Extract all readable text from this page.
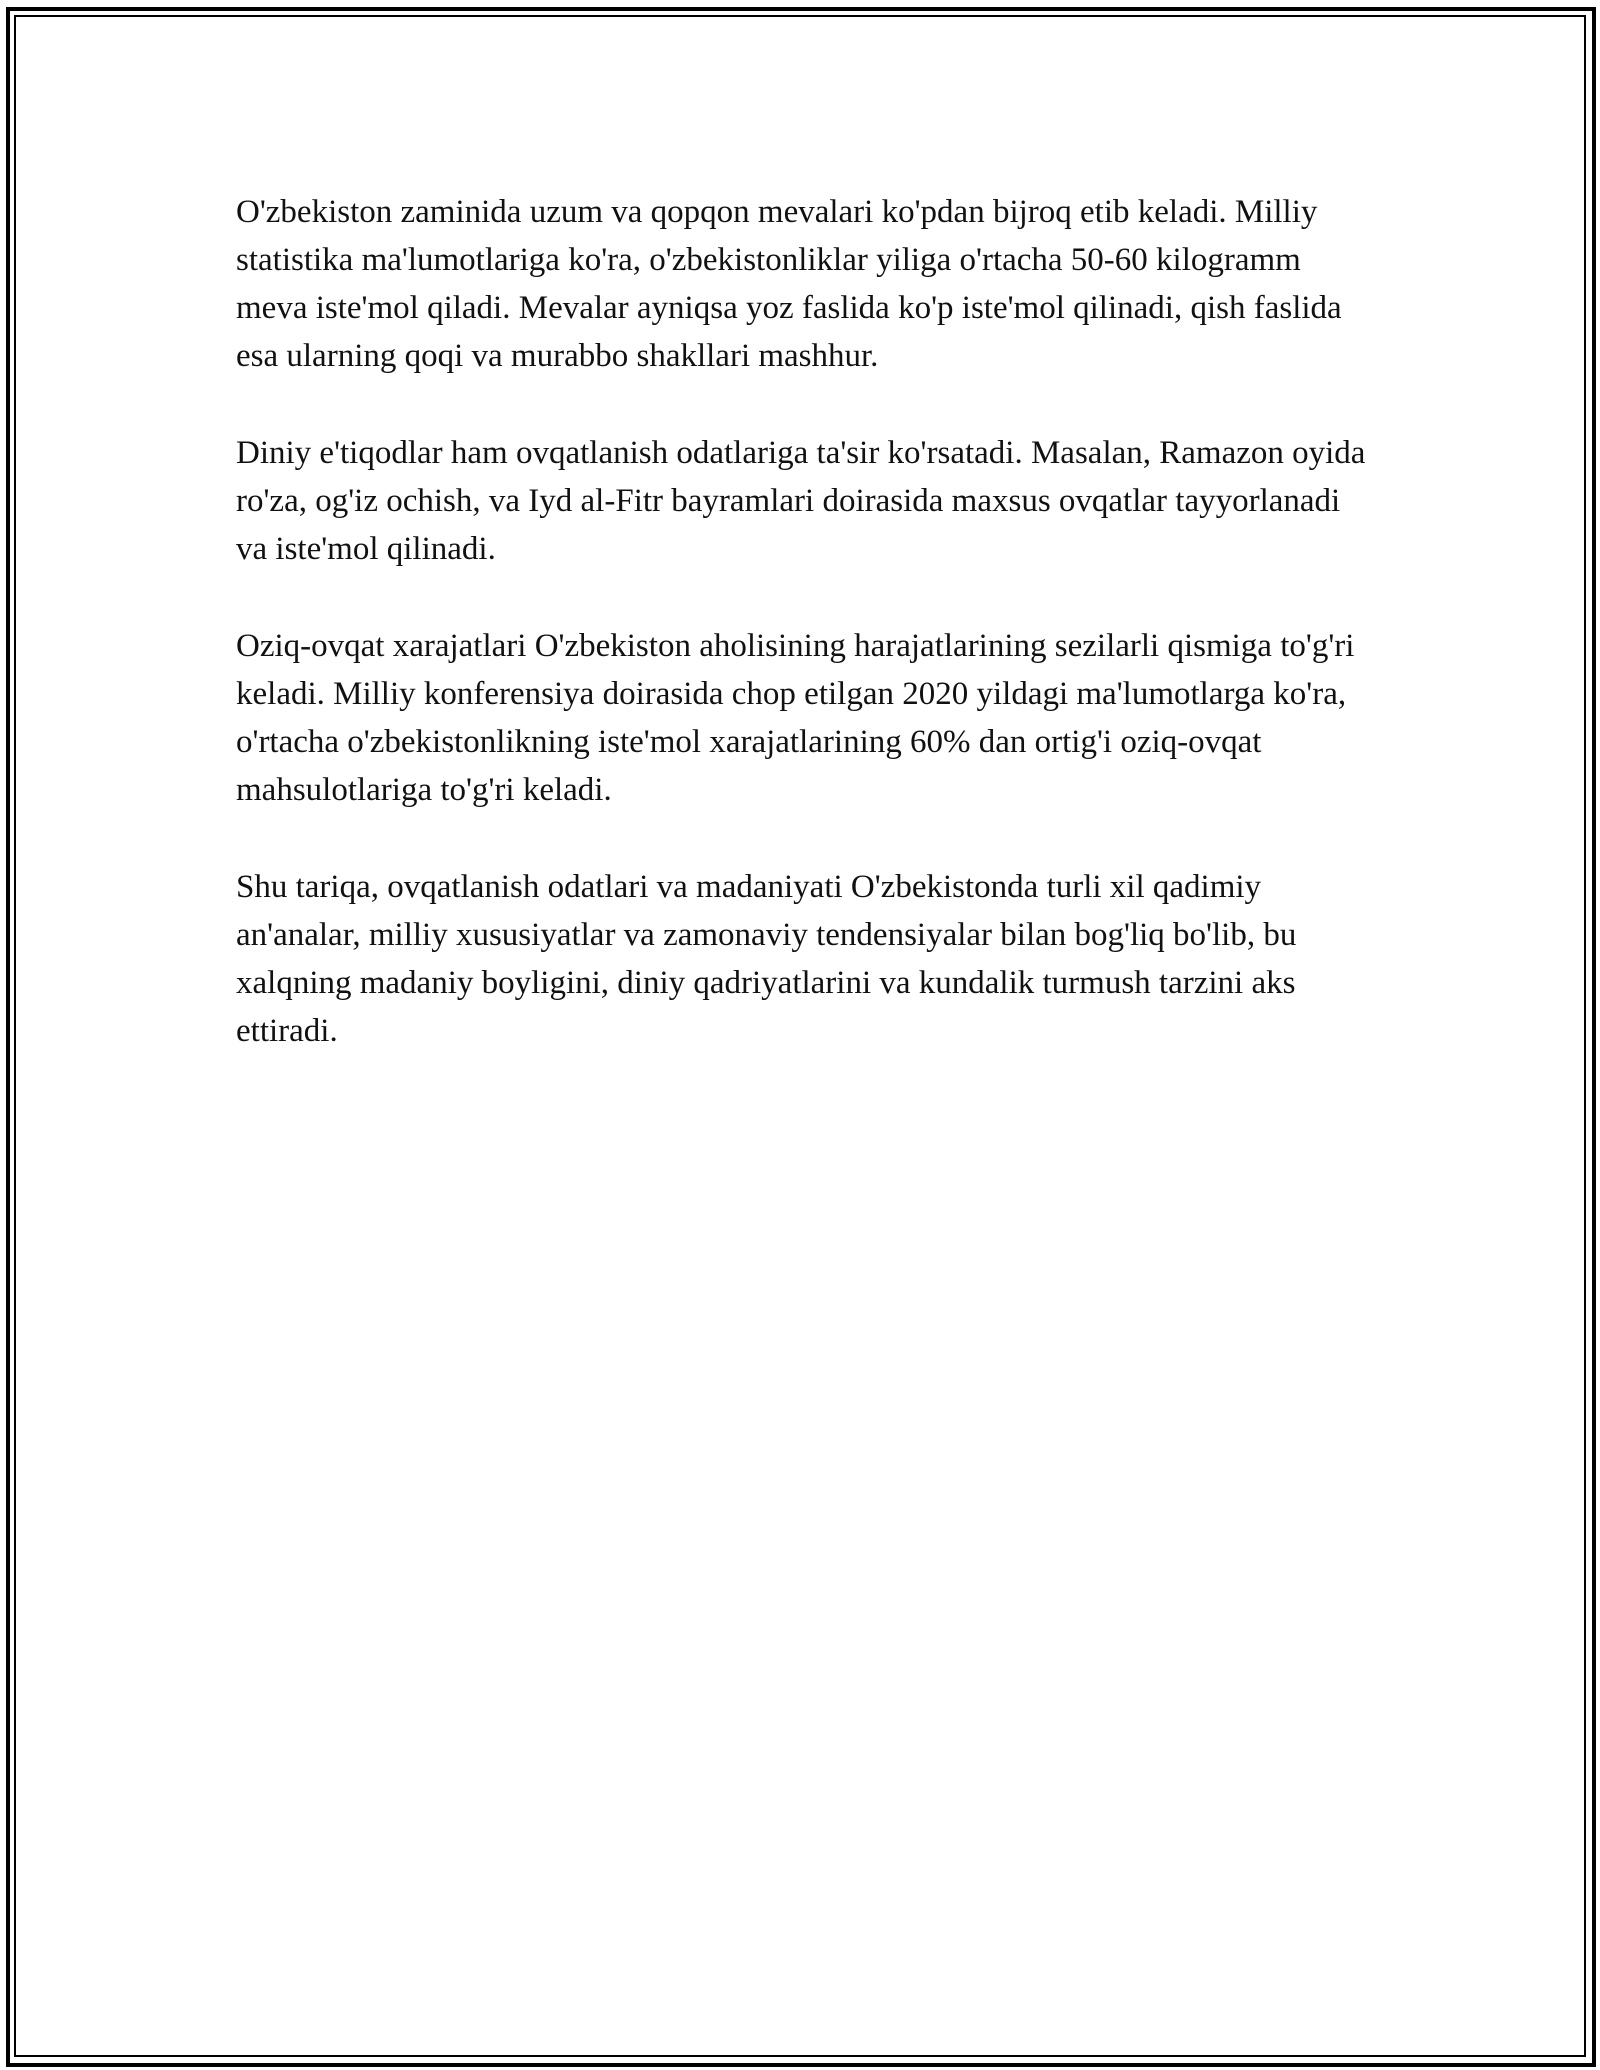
O'zbekiston zaminida uzum va qopqon mevalari ko'pdan bijroq etib keladi. Milliy statistika ma'lumotlariga ko'ra, o'zbekistonliklar yiliga o'rtacha 50-60 kilogramm meva iste'mol qiladi. Mevalar ayniqsa yoz faslida ko'p iste'mol qilinadi, qish faslida esa ularning qoqi va murabbo shakllari mashhur.

Diniy e'tiqodlar ham ovqatlanish odatlariga ta'sir ko'rsatadi. Masalan, Ramazon oyida ro'za, og'iz ochish, va Iyd al-Fitr bayramlari doirasida maxsus ovqatlar tayyorlanadi va iste'mol qilinadi.

Oziq-ovqat xarajatlari O'zbekiston aholisining harajatlarining sezilarli qismiga to'g'ri keladi. Milliy konferensiya doirasida chop etilgan 2020 yildagi ma'lumotlarga ko'ra, o'rtacha o'zbekistonlikning iste'mol xarajatlarining 60% dan ortig'i oziq-ovqat mahsulotlariga to'g'ri keladi.

Shu tariqa, ovqatlanish odatlari va madaniyati O'zbekistonda turli xil qadimiy an'analar, milliy xususiyatlar va zamonaviy tendensiyalar bilan bog'liq bo'lib, bu xalqning madaniy boyligini, diniy qadriyatlarini va kundalik turmush tarzini aks ettiradi.
